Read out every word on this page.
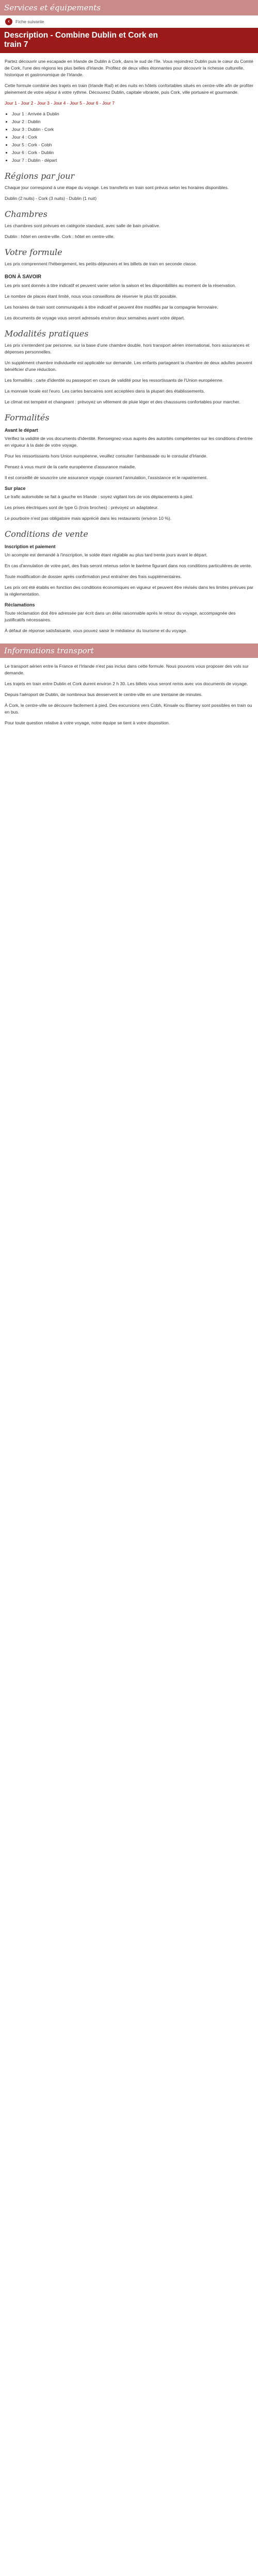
Services et équipements
‹	Fiche suivante
Description - Combine Dublin et Cork en
train 7

Partez découvrir une escapade en Irlande de Dublin à Cork, dans le sud de l'île. Vous rejoindrez Dublin puis le cœur du Comté de Cork, l'une des régions les plus belles d'Irlande. Profitez de deux villes étonnantes pour découvrir la richesse culturelle, historique et gastronomique de l'Irlande.

Cette formule combine des trajets en train (Irlande Rail) et des nuits en hôtels confortables situés en centre-ville afin de profiter pleinement de votre séjour à votre rythme. Découvrez Dublin, capitale vibrante, puis Cork, ville portuaire et gourmande.

Jour 1 - Jour 2 - Jour 3 - Jour 4 - Jour 5 - Jour 6 - Jour 7

• Jour 1 : Arrivée à Dublin
• Jour 2 : Dublin
• Jour 3 : Dublin - Cork
• Jour 4 : Cork
• Jour 5 : Cork - Cobh
• Jour 6 : Cork - Dublin
• Jour 7 : Dublin - départ
Régions par jour

Chaque jour correspond à une étape du voyage. Les transferts en train sont prévus selon les horaires disponibles.

Dublin (2 nuits) - Cork (3 nuits) - Dublin (1 nuit)

Chambres

Les chambres sont prévues en catégorie standard, avec salle de bain privative.

Dublin : hôtel en centre-ville. Cork : hôtel en centre-ville.

Votre formule

Les prix comprennent l'hébergement, les petits-déjeuners et les billets de train en seconde classe.

BON À SAVOIR

Les prix sont donnés à titre indicatif et peuvent varier selon la saison et les disponibilités au moment de la réservation.

Le nombre de places étant limité, nous vous conseillons de réserver le plus tôt possible.

Les horaires de train sont communiqués à titre indicatif et peuvent être modifiés par la compagnie ferroviaire.

Les documents de voyage vous seront adressés environ deux semaines avant votre départ.

Modalités pratiques

Les prix s'entendent par personne, sur la base d'une chambre double, hors transport aérien international, hors assurances et dépenses personnelles.

Un supplément chambre individuelle est applicable sur demande. Les enfants partageant la chambre de deux adultes peuvent bénéficier d'une réduction.

Les formalités : carte d'identité ou passeport en cours de validité pour les ressortissants de l'Union européenne.

La monnaie locale est l'euro. Les cartes bancaires sont acceptées dans la plupart des établissements.

Le climat est tempéré et changeant : prévoyez un vêtement de pluie léger et des chaussures confortables pour marcher.

Formalités
Avant le départ

Vérifiez la validité de vos documents d'identité. Renseignez-vous auprès des autorités compétentes sur les conditions d'entrée en vigueur à la date de votre voyage.

Pour les ressortissants hors Union européenne, veuillez consulter l'ambassade ou le consulat d'Irlande.

Pensez à vous munir de la carte européenne d'assurance maladie.

Il est conseillé de souscrire une assurance voyage couvrant l'annulation, l'assistance et le rapatriement.

Sur place

Le trafic automobile se fait à gauche en Irlande : soyez vigilant lors de vos déplacements à pied.

Les prises électriques sont de type G (trois broches) : prévoyez un adaptateur.

Le pourboire n'est pas obligatoire mais apprécié dans les restaurants (environ 10 %).

Conditions de vente
Inscription et paiement

Un acompte est demandé à l'inscription, le solde étant réglable au plus tard trente jours avant le départ.

En cas d'annulation de votre part, des frais seront retenus selon le barème figurant dans nos conditions particulières de vente.

Toute modification de dossier après confirmation peut entraîner des frais supplémentaires.

Les prix ont été établis en fonction des conditions économiques en vigueur et peuvent être révisés dans les limites prévues par la réglementation.

Réclamations

Toute réclamation doit être adressée par écrit dans un délai raisonnable après le retour du voyage, accompagnée des justificatifs nécessaires.

À défaut de réponse satisfaisante, vous pouvez saisir le médiateur du tourisme et du voyage.

Informations transport

Le transport aérien entre la France et l'Irlande n'est pas inclus dans cette formule. Nous pouvons vous proposer des vols sur demande.

Les trajets en train entre Dublin et Cork durent environ 2 h 30. Les billets vous seront remis avec vos documents de voyage.

Depuis l'aéroport de Dublin, de nombreux bus desservent le centre-ville en une trentaine de minutes.

À Cork, le centre-ville se découvre facilement à pied. Des excursions vers Cobh, Kinsale ou Blarney sont possibles en train ou en bus.

Pour toute question relative à votre voyage, notre équipe se tient à votre disposition.
